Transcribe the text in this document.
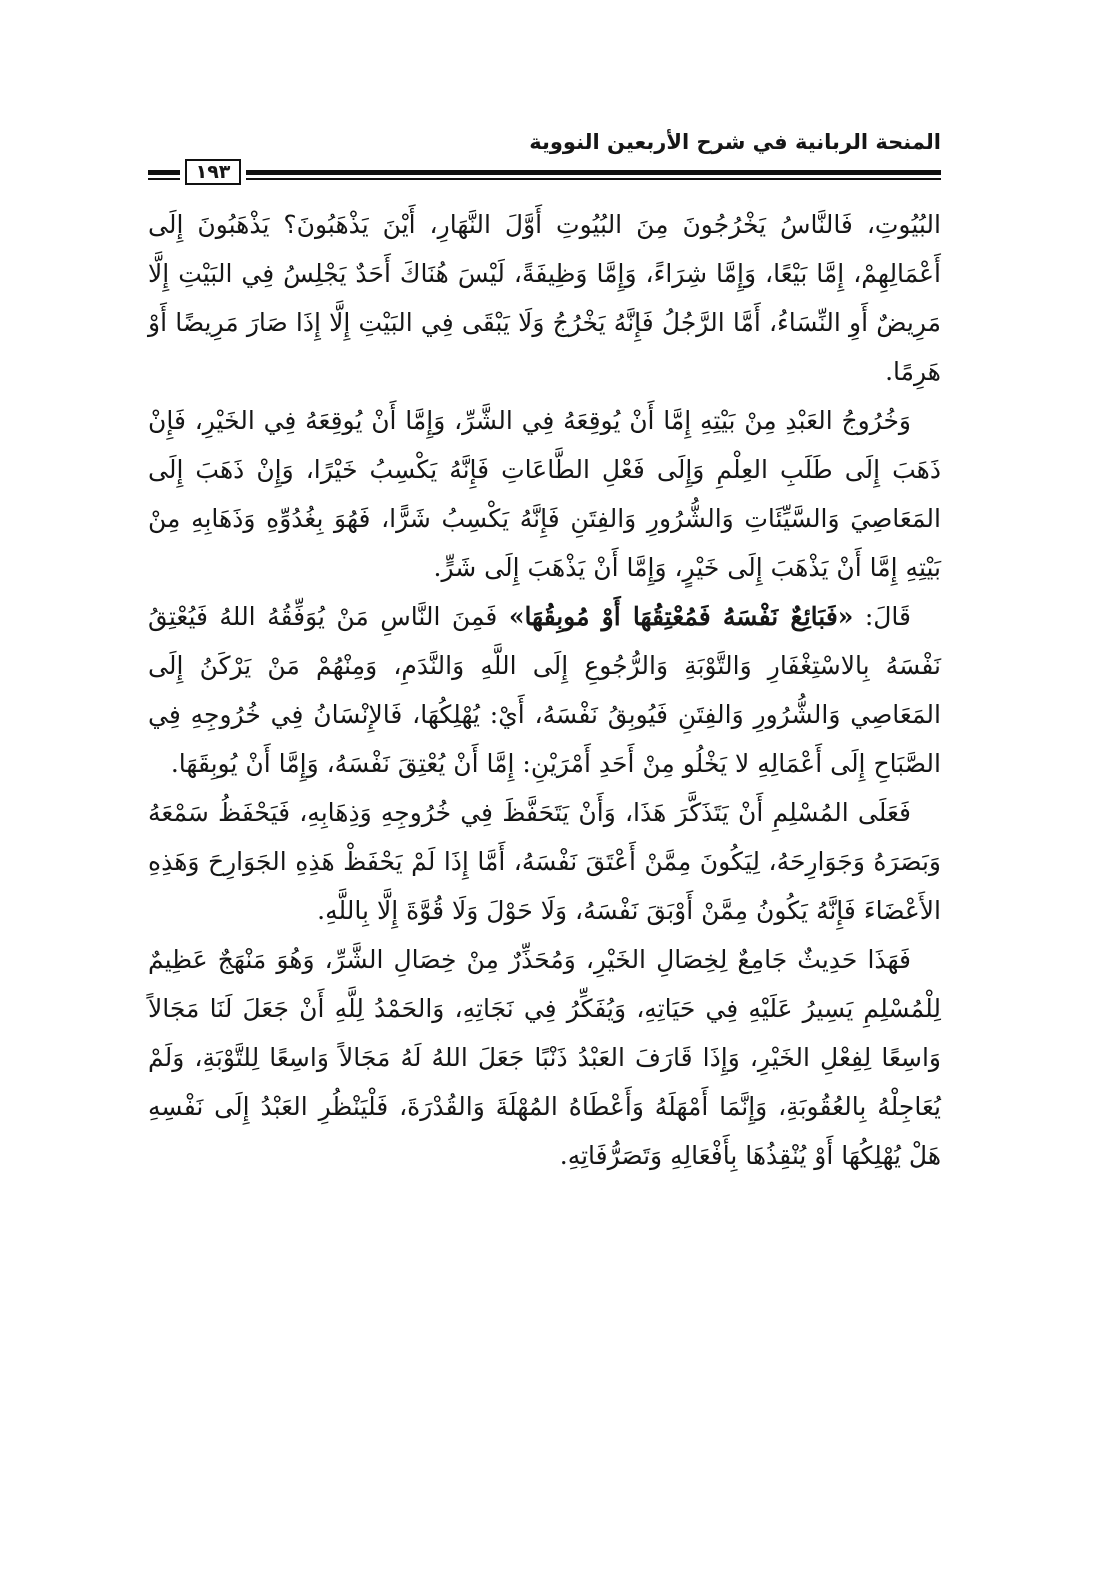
المنحة الربانية في شرح الأربعين النووية
١٩٣

البُيُوتِ، فَالنَّاسُ يَخْرُجُونَ مِنَ البُيُوتِ أَوَّلَ النَّهَارِ، أَيْنَ يَذْهَبُونَ؟ يَذْهَبُونَ إِلَى أَعْمَالِهِمْ، إِمَّا بَيْعًا، وَإِمَّا شِرَاءً، وَإِمَّا وَظِيفَةً، لَيْسَ هُنَاكَ أَحَدٌ يَجْلِسُ فِي البَيْتِ إِلَّا مَرِيضٌ أَوِ النِّسَاءُ، أَمَّا الرَّجُلُ فَإِنَّهُ يَخْرُجُ وَلَا يَبْقَى فِي البَيْتِ إِلَّا إِذَا صَارَ مَرِيضًا أَوْ هَرِمًا.

وَخُرُوجُ العَبْدِ مِنْ بَيْتِهِ إِمَّا أَنْ يُوقِعَهُ فِي الشَّرِّ، وَإِمَّا أَنْ يُوقِعَهُ فِي الخَيْرِ، فَإِنْ ذَهَبَ إِلَى طَلَبِ العِلْمِ وَإِلَى فَعْلِ الطَّاعَاتِ فَإِنَّهُ يَكْسِبُ خَيْرًا، وَإِنْ ذَهَبَ إِلَى المَعَاصِيَ وَالسَّيِّئَاتِ وَالشُّرُورِ وَالفِتَنِ فَإِنَّهُ يَكْسِبُ شَرًّا، فَهُوَ بِغُدُوِّهِ وَذَهَابِهِ مِنْ بَيْتِهِ إِمَّا أَنْ يَذْهَبَ إِلَى خَيْرٍ، وَإِمَّا أَنْ يَذْهَبَ إِلَى شَرٍّ.

قَالَ: «فَبَائِعٌ نَفْسَهُ فَمُعْتِقُهَا أَوْ مُوبِقُهَا» فَمِنَ النَّاسِ مَنْ يُوَفِّقُهُ اللهُ فَيُعْتِقُ نَفْسَهُ بِالاسْتِغْفَارِ وَالتَّوْبَةِ وَالرُّجُوعِ إِلَى اللَّهِ وَالنَّدَمِ، وَمِنْهُمْ مَنْ يَرْكَنُ إِلَى المَعَاصِي وَالشُّرُورِ وَالفِتَنِ فَيُوبِقُ نَفْسَهُ، أَيْ: يُهْلِكُهَا، فَالإِنْسَانُ فِي خُرُوجِهِ فِي الصَّبَاحِ إِلَى أَعْمَالِهِ لا يَخْلُو مِنْ أَحَدِ أَمْرَيْنِ: إِمَّا أَنْ يُعْتِقَ نَفْسَهُ، وَإِمَّا أَنْ يُوبِقَهَا.

فَعَلَى المُسْلِمِ أَنْ يَتَذَكَّرَ هَذَا، وَأَنْ يَتَحَفَّظَ فِي خُرُوجِهِ وَذِهَابِهِ، فَيَحْفَظُ سَمْعَهُ وَبَصَرَهُ وَجَوَارِحَهُ، لِيَكُونَ مِمَّنْ أَعْتَقَ نَفْسَهُ، أَمَّا إِذَا لَمْ يَحْفَظْ هَذِهِ الجَوَارِحَ وَهَذِهِ الأَعْضَاءَ فَإِنَّهُ يَكُونُ مِمَّنْ أَوْبَقَ نَفْسَهُ، وَلَا حَوْلَ وَلَا قُوَّةَ إِلَّا بِاللَّهِ.

فَهَذَا حَدِيثٌ جَامِعٌ لِخِصَالِ الخَيْرِ، وَمُحَذِّرٌ مِنْ خِصَالِ الشَّرِّ، وَهُوَ مَنْهَجٌ عَظِيمٌ لِلْمُسْلِمِ يَسِيرُ عَلَيْهِ فِي حَيَاتِهِ، وَيُفَكِّرُ فِي نَجَاتِهِ، وَالحَمْدُ لِلَّهِ أَنْ جَعَلَ لَنَا مَجَالاً وَاسِعًا لِفِعْلِ الخَيْرِ، وَإِذَا قَارَفَ العَبْدُ ذَنْبًا جَعَلَ اللهُ لَهُ مَجَالاً وَاسِعًا لِلتَّوْبَةِ، وَلَمْ يُعَاجِلْهُ بِالعُقُوبَةِ، وَإِنَّمَا أَمْهَلَهُ وَأَعْطَاهُ المُهْلَةَ وَالقُدْرَةَ، فَلْيَنْظُرِ العَبْدُ إِلَى نَفْسِهِ هَلْ يُهْلِكُهَا أَوْ يُنْقِذُهَا بِأَفْعَالِهِ وَتَصَرُّفَاتِهِ.
